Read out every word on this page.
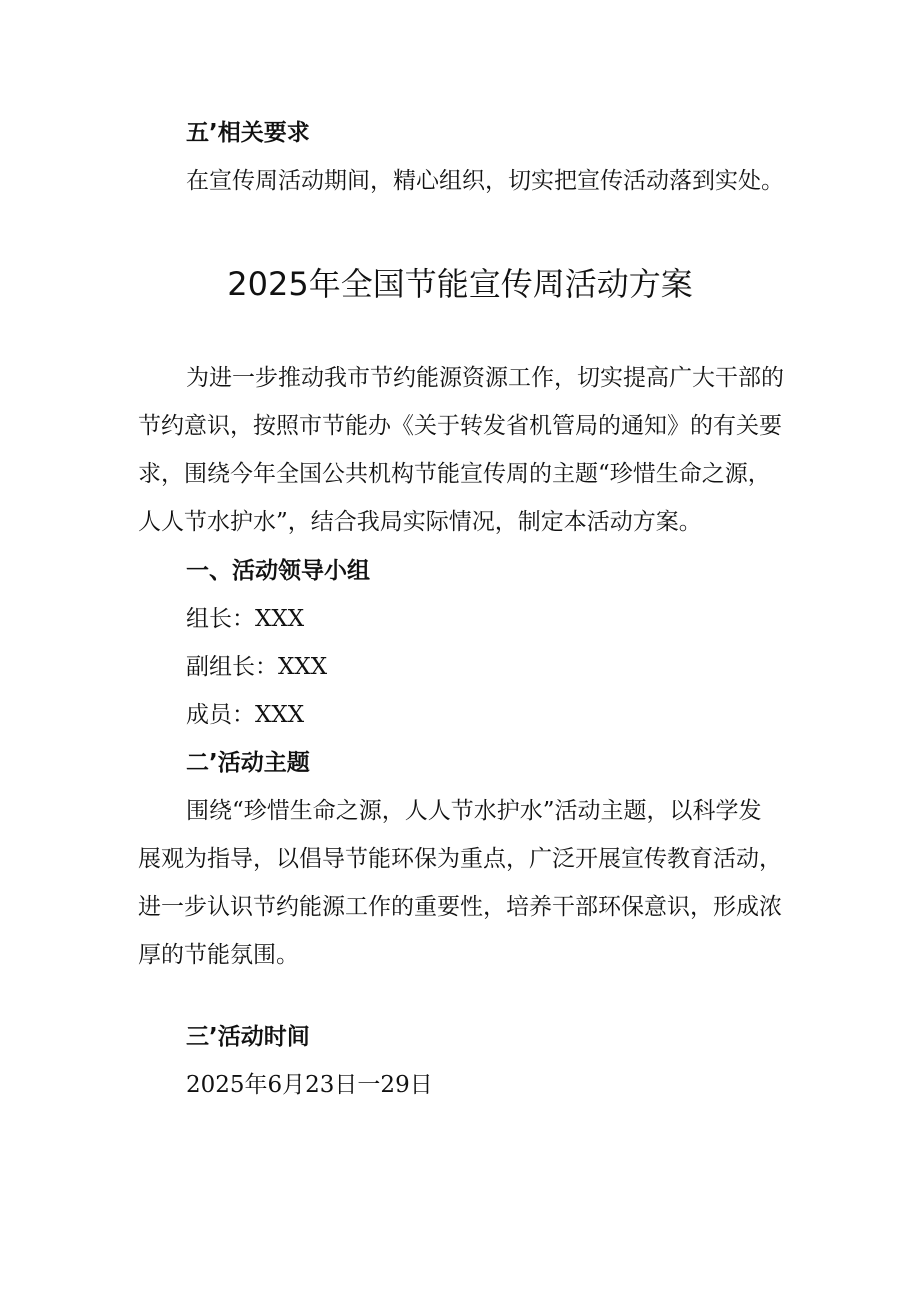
五’相关要求
在宣传周活动期间，精心组织，切实把宣传活动落到实处。
2025年全国节能宣传周活动方案
为进一步推动我市节约能源资源工作，切实提高广大干部的
节约意识，按照市节能办《关于转发省机管局的通知》的有关要
求，围绕今年全国公共机构节能宣传周的主题“珍惜生命之源，
人人节水护水”，结合我局实际情况，制定本活动方案。
一、活动领导小组
组长：XXX
副组长：XXX
成员：XXX
二’活动主题
围绕“珍惜生命之源，人人节水护水”活动主题，以科学发
展观为指导，以倡导节能环保为重点，广泛开展宣传教育活动，
进一步认识节约能源工作的重要性，培养干部环保意识，形成浓
厚的节能氛围。
三’活动时间
2025年6月23日一29日
